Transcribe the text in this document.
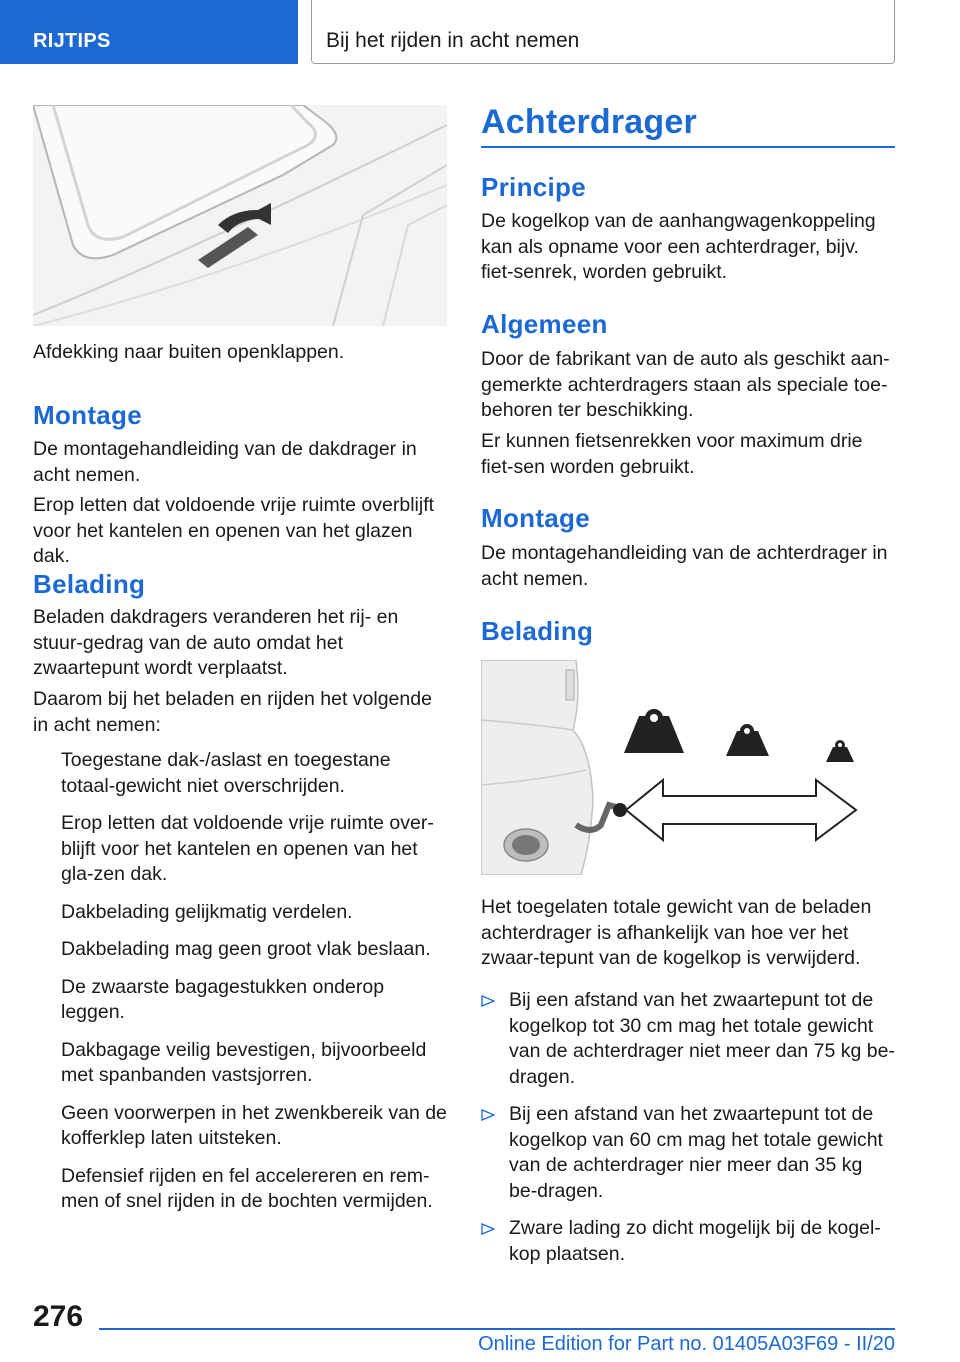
RIJTIPS	Bij het rijden in acht nemen

Afdekking naar buiten openklappen.

Montage

De montagehandleiding van de dakdrager in acht nemen.

Erop letten dat voldoende vrije ruimte overblijft voor het kantelen en openen van het glazen dak.

Belading

Beladen dakdragers veranderen het rij- en stuur-gedrag van de auto omdat het zwaartepunt wordt verplaatst.

Daarom bij het beladen en rijden het volgende in acht nemen:

Toegestane dak-/aslast en toegestane totaal-gewicht niet overschrijden.
Erop letten dat voldoende vrije ruimte over-blijft voor het kantelen en openen van het gla-zen dak.
Dakbelading gelijkmatig verdelen.
Dakbelading mag geen groot vlak beslaan.
De zwaarste bagagestukken onderop leggen.
Dakbagage veilig bevestigen, bijvoorbeeld met spanbanden vastsjorren.
Geen voorwerpen in het zwenkbereik van de kofferklep laten uitsteken.
Defensief rijden en fel accelereren en rem-men of snel rijden in de bochten vermijden.
Achterdrager
Principe

De kogelkop van de aanhangwagenkoppeling kan als opname voor een achterdrager, bijv. fiet-senrek, worden gebruikt.

Algemeen

Door de fabrikant van de auto als geschikt aan-gemerkte achterdragers staan als speciale toe-behoren ter beschikking.

Er kunnen fietsenrekken voor maximum drie fiet-sen worden gebruikt.

Montage

De montagehandleiding van de achterdrager in acht nemen.

Belading

Het toegelaten totale gewicht van de beladen achterdrager is afhankelijk van hoe ver het zwaar-tepunt van de kogelkop is verwijderd.

Bij een afstand van het zwaartepunt tot de kogelkop tot 30 cm mag het totale gewicht van de achterdrager niet meer dan 75 kg be-dragen.
Bij een afstand van het zwaartepunt tot de kogelkop van 60 cm mag het totale gewicht van de achterdrager nier meer dan 35 kg be-dragen.
Zware lading zo dicht mogelijk bij de kogel-kop plaatsen.
276
Online Edition for Part no. 01405A03F69 - II/20
